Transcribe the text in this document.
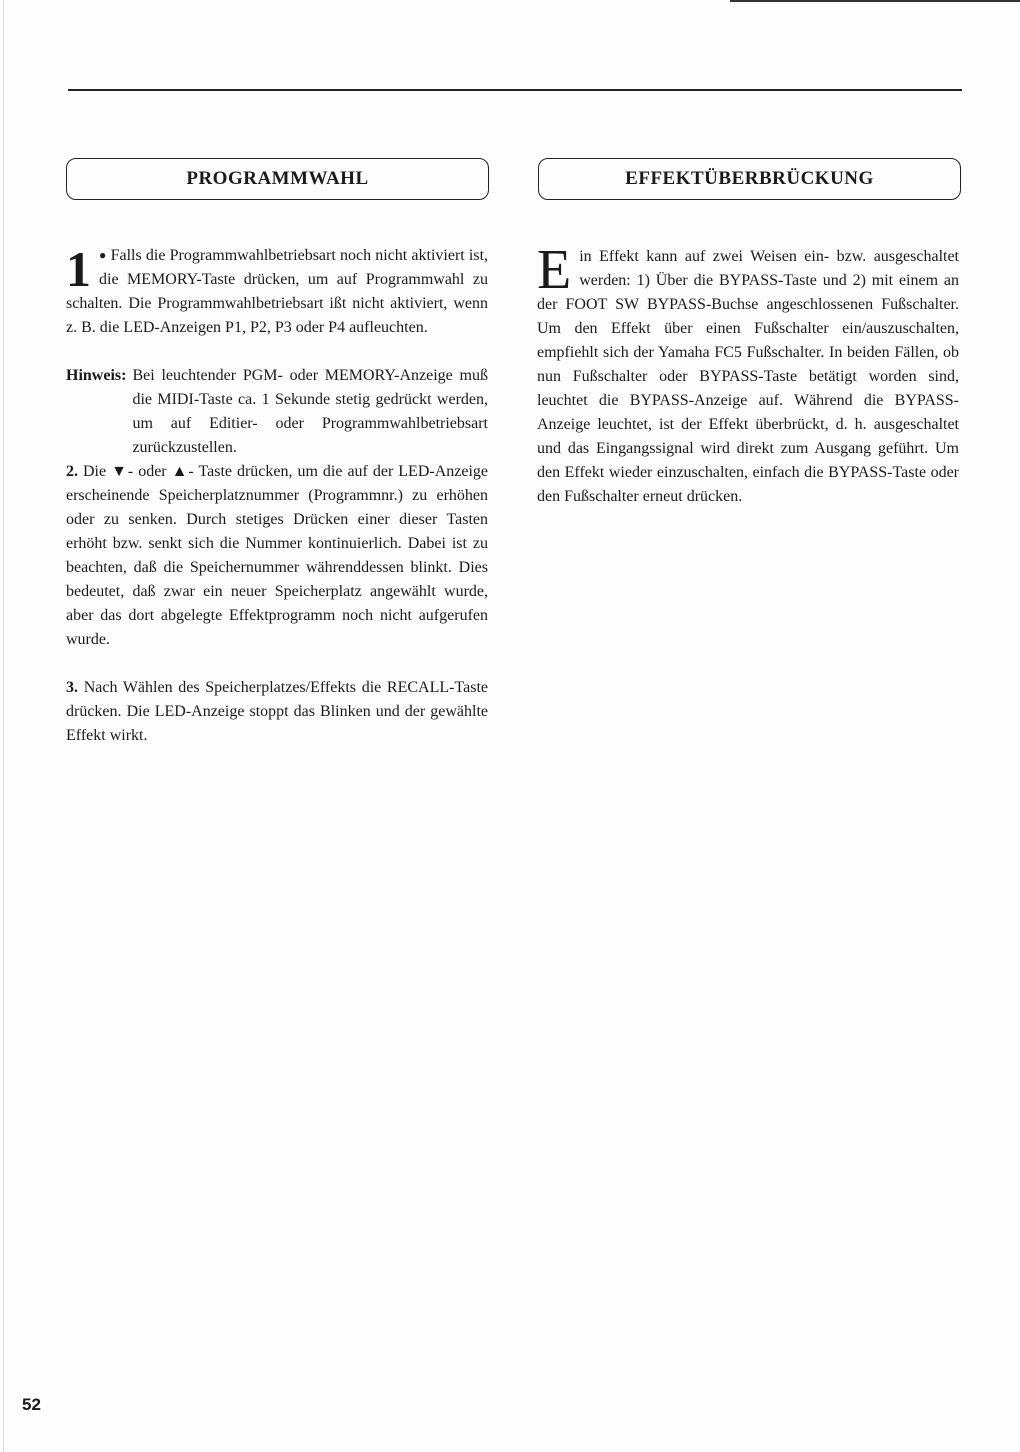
PROGRAMMWAHL	EFFEKTÜBERBRÜCKUNG
1 ● Falls die Programmwahlbetriebsart noch nicht aktiviert ist, die MEMORY-Taste drücken, um auf Programmwahl zu schalten. Die Programmwahlbetriebsart ißt nicht aktiviert, wenn z. B. die LED-Anzeigen P1, P2, P3 oder P4 aufleuchten.

Hinweis: Bei leuchtender PGM- oder MEMORY-Anzeige muß die MIDI-Taste ca. 1 Sekunde stetig gedrückt werden, um auf Editier- oder Programmwahlbetriebsart zurückzustellen.

2. Die ▼- oder ▲- Taste drücken, um die auf der LED-Anzeige erscheinende Speicherplatznummer (Programmnr.) zu erhöhen oder zu senken. Durch stetiges Drücken einer dieser Tasten erhöht bzw. senkt sich die Nummer kontinuierlich. Dabei ist zu beachten, daß die Speichernummer währenddessen blinkt. Dies bedeutet, daß zwar ein neuer Speicherplatz angewählt wurde, aber das dort abgelegte Effektprogramm noch nicht aufgerufen wurde.

3. Nach Wählen des Speicherplatzes/Effekts die RECALL-Taste drücken. Die LED-Anzeige stoppt das Blinken und der gewählte Effekt wirkt.

E in Effekt kann auf zwei Weisen ein- bzw. ausgeschaltet werden: 1) Über die BYPASS-Taste und 2) mit einem an der FOOT SW BYPASS-Buchse angeschlossenen Fußschalter. Um den Effekt über einen Fußschalter ein/auszuschalten, empfiehlt sich der Yamaha FC5 Fußschalter. In beiden Fällen, ob nun Fußschalter oder BYPASS-Taste betätigt worden sind, leuchtet die BYPASS-Anzeige auf. Während die BYPASS-Anzeige leuchtet, ist der Effekt überbrückt, d. h. ausgeschaltet und das Eingangssignal wird direkt zum Ausgang geführt. Um den Effekt wieder einzuschalten, einfach die BYPASS-Taste oder den Fußschalter erneut drücken.

52
